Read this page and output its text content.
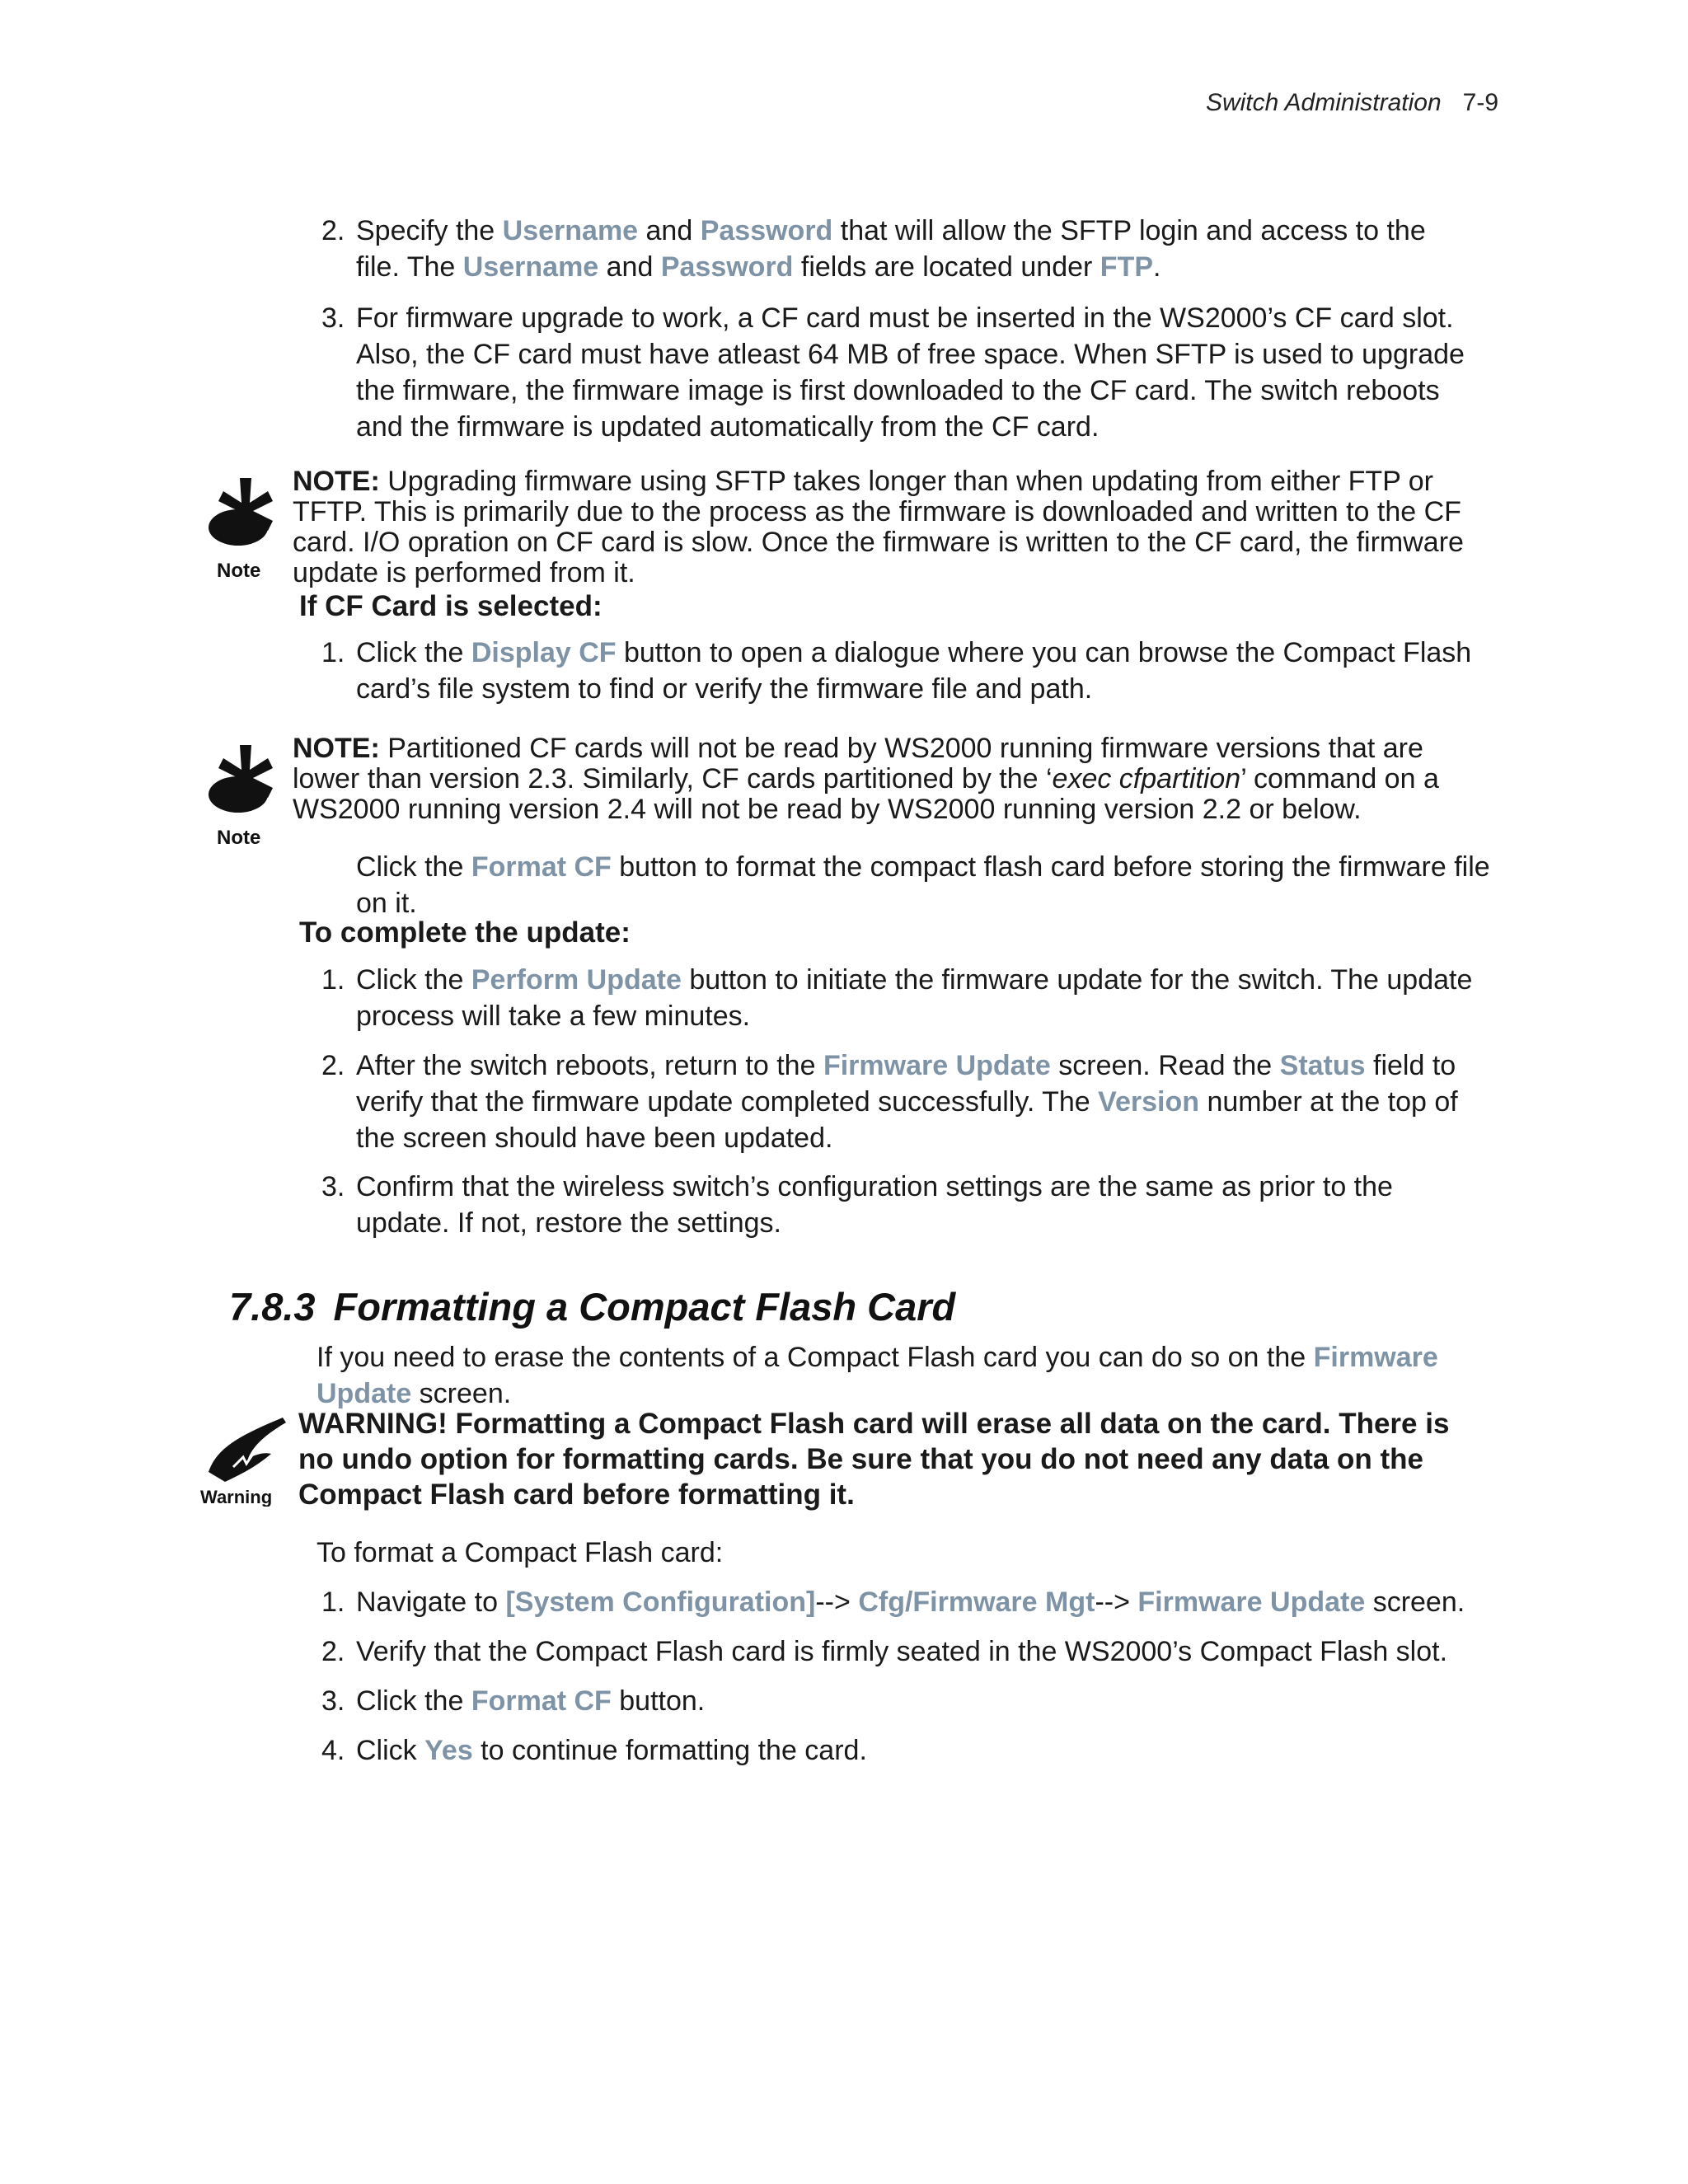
Switch Administration 7-9
2. Specify the Username and Password that will allow the SFTP login and access to the file. The Username and Password fields are located under FTP.

3. For firmware upgrade to work, a CF card must be inserted in the WS2000’s CF card slot. Also, the CF card must have atleast 64 MB of free space. When SFTP is used to upgrade the firmware, the firmware image is first downloaded to the CF card. The switch reboots and the firmware is updated automatically from the CF card.

Note
NOTE: Upgrading firmware using SFTP takes longer than when updating from either FTP or TFTP. This is primarily due to the process as the firmware is downloaded and written to the CF card. I/O opration on CF card is slow. Once the firmware is written to the CF card, the firmware update is performed from it.
If CF Card is selected:
1. Click the Display CF button to open a dialogue where you can browse the Compact Flash card’s file system to find or verify the firmware file and path.

Note
NOTE: Partitioned CF cards will not be read by WS2000 running firmware versions that are lower than version 2.3. Similarly, CF cards partitioned by the ‘exec cfpartition’ command on a WS2000 running version 2.4 will not be read by WS2000 running version 2.2 or below.
Click the Format CF button to format the compact flash card before storing the firmware file on it.
To complete the update:
1. Click the Perform Update button to initiate the firmware update for the switch. The update process will take a few minutes.

2. After the switch reboots, return to the Firmware Update screen. Read the Status field to verify that the firmware update completed successfully. The Version number at the top of the screen should have been updated.

3. Confirm that the wireless switch’s configuration settings are the same as prior to the update. If not, restore the settings.

7.8.3 Formatting a Compact Flash Card
If you need to erase the contents of a Compact Flash card you can do so on the Firmware Update screen.
Warning
WARNING! Formatting a Compact Flash card will erase all data on the card. There is no undo option for formatting cards. Be sure that you do not need any data on the Compact Flash card before formatting it.
To format a Compact Flash card:
1. Navigate to [System Configuration]--> Cfg/Firmware Mgt--> Firmware Update screen.

2. Verify that the Compact Flash card is firmly seated in the WS2000’s Compact Flash slot.

3. Click the Format CF button.

4. Click Yes to continue formatting the card.
